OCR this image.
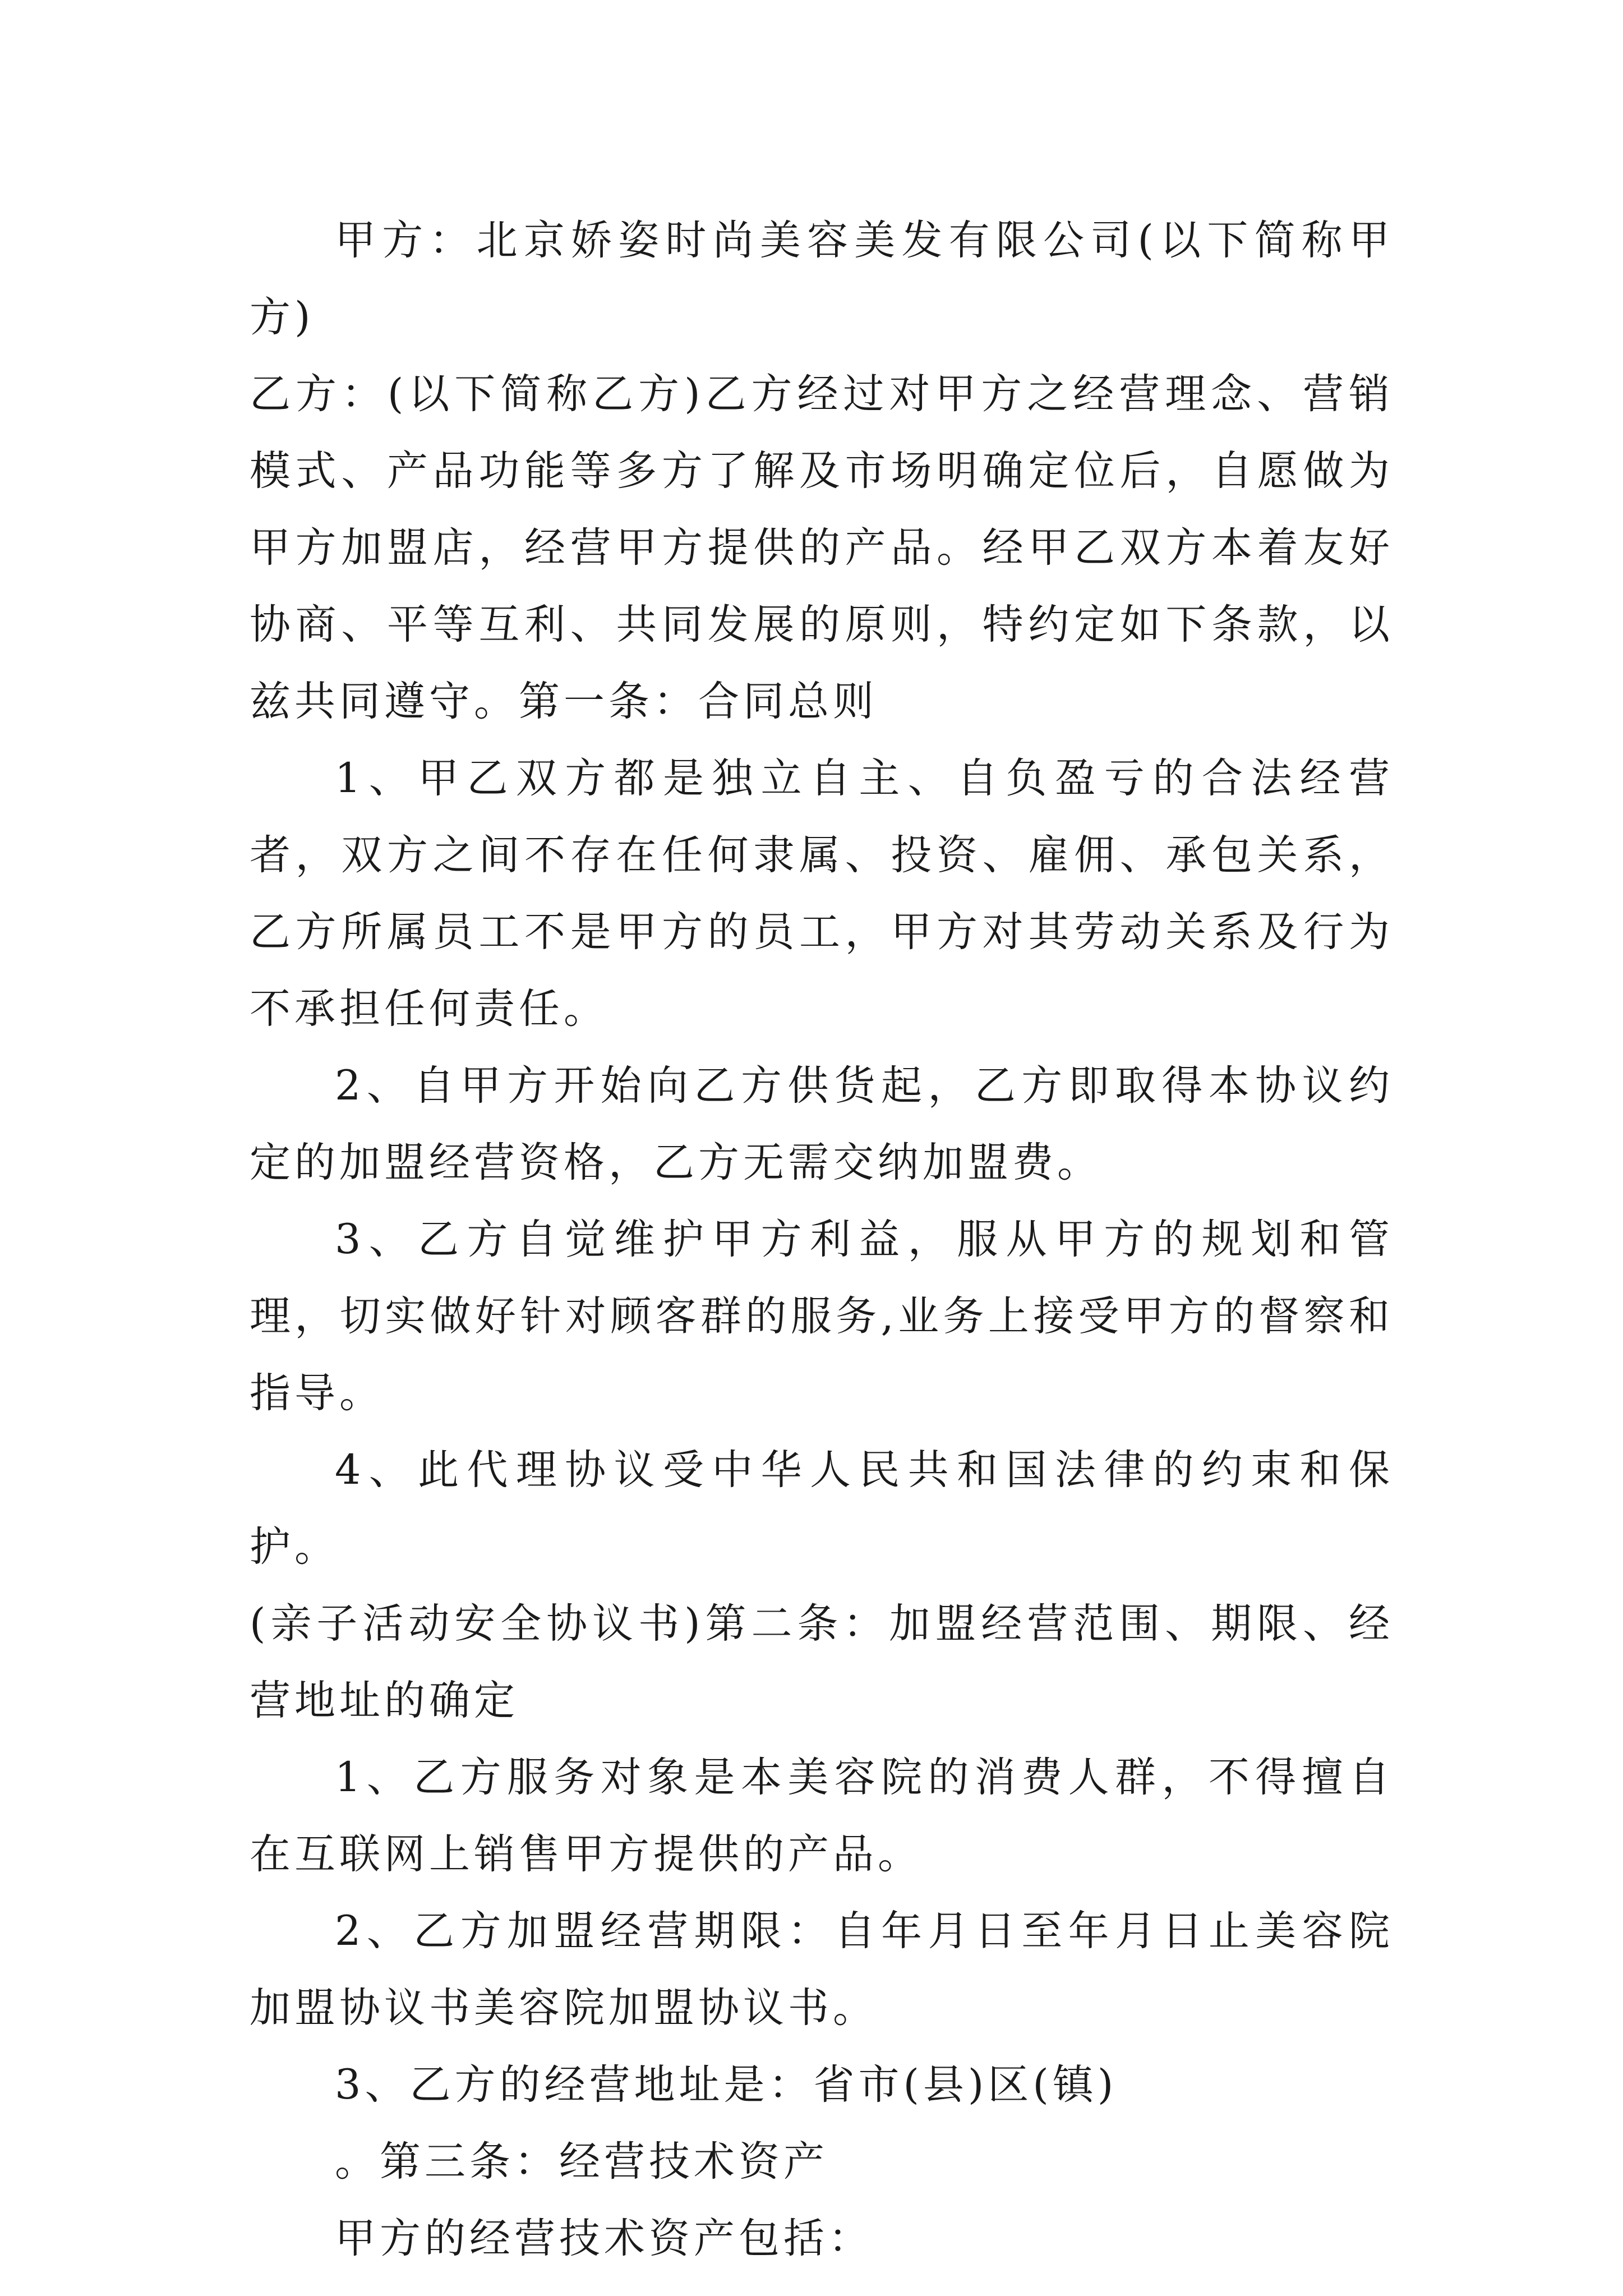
甲方：北京娇姿时尚美容美发有限公司(以下简称甲方)

乙方：(以下简称乙方)乙方经过对甲方之经营理念、营销模式、产品功能等多方了解及市场明确定位后，自愿做为甲方加盟店，经营甲方提供的产品。经甲乙双方本着友好协商、平等互利、共同发展的原则，特约定如下条款，以兹共同遵守。第一条：合同总则

1、甲乙双方都是独立自主、自负盈亏的合法经营者，双方之间不存在任何隶属、投资、雇佣、承包关系，乙方所属员工不是甲方的员工，甲方对其劳动关系及行为不承担任何责任。

2、自甲方开始向乙方供货起，乙方即取得本协议约定的加盟经营资格，乙方无需交纳加盟费。

3、乙方自觉维护甲方利益，服从甲方的规划和管理，切实做好针对顾客群的服务,业务上接受甲方的督察和指导。

4、此代理协议受中华人民共和国法律的约束和保护。

(亲子活动安全协议书)第二条：加盟经营范围、期限、经营地址的确定

1、乙方服务对象是本美容院的消费人群，不得擅自在互联网上销售甲方提供的产品。

2、乙方加盟经营期限：自年月日至年月日止美容院加盟协议书美容院加盟协议书。

3、乙方的经营地址是：省市(县)区(镇)

。第三条：经营技术资产

甲方的经营技术资产包括：
